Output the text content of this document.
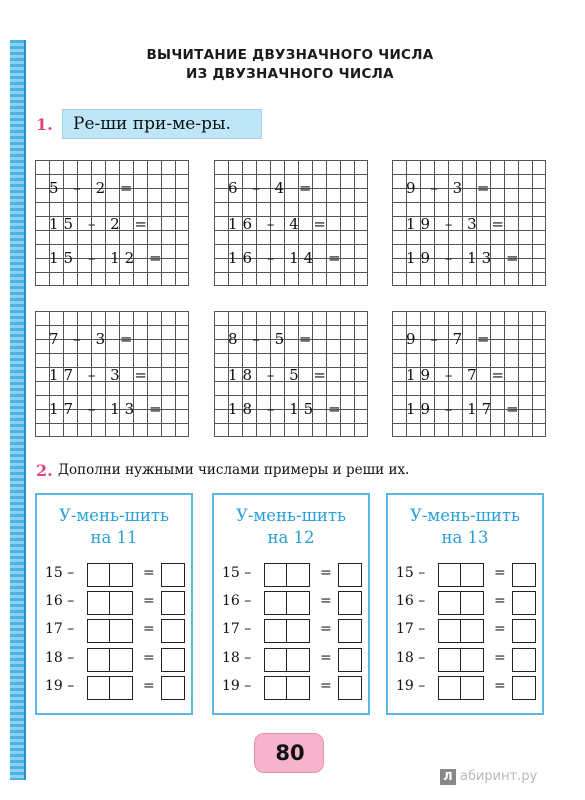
ВЫЧИТАНИЕ ДВУЗНАЧНОГО ЧИСЛА
ИЗ ДВУЗНАЧНОГО ЧИСЛА
1.	Ре-ши при-ме-ры.
5 – 2 =
15 – 2 =
15 – 12 =
6 – 4 =
16 – 4 =
16 – 14 =
9 – 3 =
19 – 3 =
19 – 13 =
7 – 3 =
17 – 3 =
17 – 13 =
8 – 5 =
18 – 5 =
18 – 15 =
9 – 7 =
19 – 7 =
19 – 17 =
2. Дополни нужными числами примеры и реши их.
У-мень-шить
на 11
15 –	=
16 –	=
17 –	=
18 –	=
19 –	=
У-мень-шить
на 12
15 –	=
16 –	=
17 –	=
18 –	=
19 –	=
У-мень-шить
на 13
15 –	=
16 –	=
17 –	=
18 –	=
19 –	=
80
Л абиринт.ру
